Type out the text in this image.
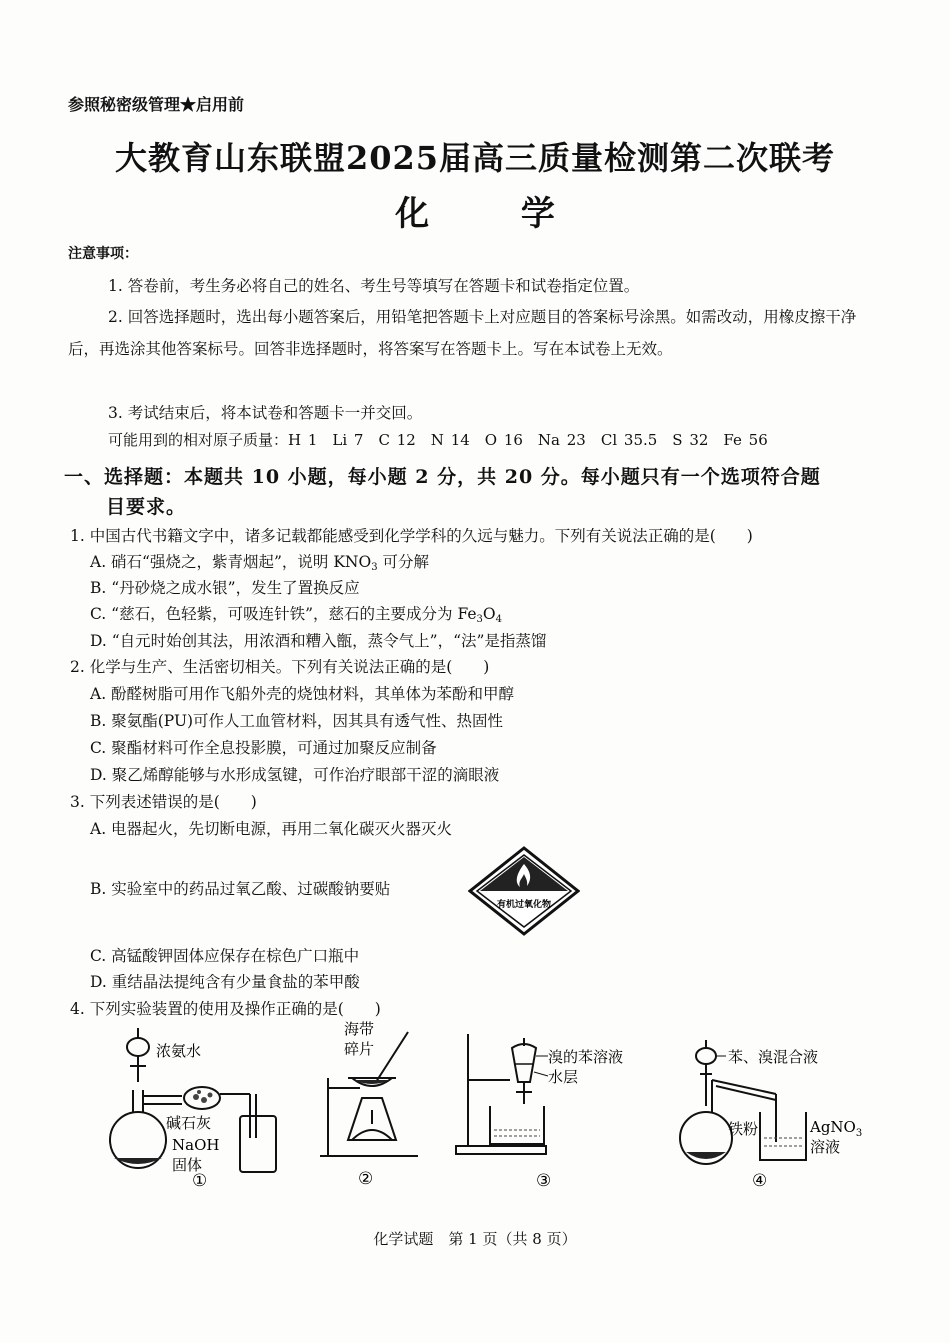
参照秘密级管理★启用前
大教育山东联盟2025届高三质量检测第二次联考
化 学
注意事项：
1. 答卷前，考生务必将自己的姓名、考生号等填写在答题卡和试卷指定位置。
2. 回答选择题时，选出每小题答案后，用铅笔把答题卡上对应题目的答案标号涂黑。如需改动，用橡皮擦干净后，再选涂其他答案标号。回答非选择题时，将答案写在答题卡上。写在本试卷上无效。
3. 考试结束后，将本试卷和答题卡一并交回。
可能用到的相对原子质量：H 1　Li 7　C 12　N 14　O 16　Na 23　Cl 35.5　S 32　Fe 56
一、选择题：本题共 10 小题，每小题 2 分，共 20 分。每小题只有一个选项符合题
目要求。
1. 中国古代书籍文字中，诸多记载都能感受到化学学科的久远与魅力。下列有关说法正确的是(　　)
A. 硝石“强烧之，紫青烟起”，说明 $KNO_3$ 可分解
B. “丹砂烧之成水银”，发生了置换反应
C. “慈石，色轻紫，可吸连针铁”，慈石的主要成分为 $Fe_3O_4$
D. “自元时始创其法，用浓酒和糟入甑，蒸令气上”，“法”是指蒸馏
2. 化学与生产、生活密切相关。下列有关说法正确的是(　　)
A. 酚醛树脂可用作飞船外壳的烧蚀材料，其单体为苯酚和甲醇
B. 聚氨酯(PU)可作人工血管材料，因其具有透气性、热固性
C. 聚酯材料可作全息投影膜，可通过加聚反应制备
D. 聚乙烯醇能够与水形成氢键，可作治疗眼部干涩的滴眼液
3. 下列表述错误的是(　　)
A. 电器起火，先切断电源，再用二氧化碳灭火器灭火
B. 实验室中的药品过氧乙酸、过碳酸钠要贴
有机过氧化物
C. 高锰酸钾固体应保存在棕色广口瓶中
D. 重结晶法提纯含有少量食盐的苯甲酸
4. 下列实验装置的使用及操作正确的是(　　)
浓氨水
碱石灰
NaOH
固体
①
海带
碎片
②
溴的苯溶液
水层
③
苯、溴混合液
铁粉	AgNO$_3$
溶液
④
化学试题　第 1 页（共 8 页）
